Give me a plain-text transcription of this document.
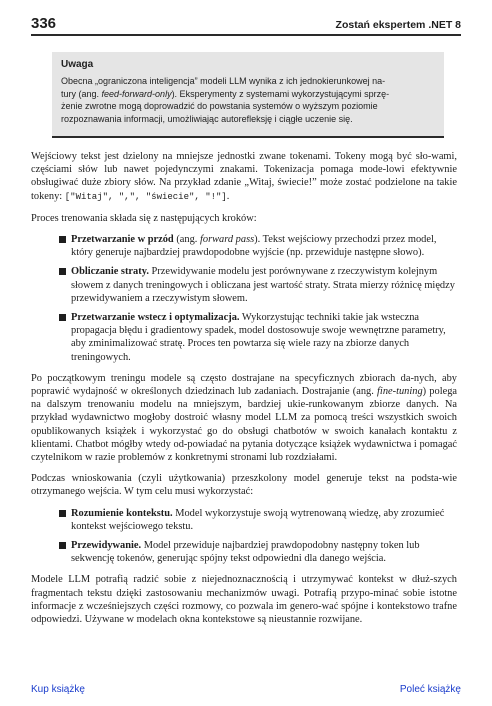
336	Zostań ekspertem .NET 8
Uwaga
Obecna „ograniczona inteligencja” modeli LLM wynika z ich jednokierunkowej na-
tury (ang. feed-forward-only). Eksperymenty z systemami wykorzystującymi sprzę-
żenie zwrotne mogą doprowadzić do powstania systemów o wyższym poziomie
rozpoznawania informacji, umożliwiając autorefleksję i ciągłe uczenie się.

Wejściowy tekst jest dzielony na mniejsze jednostki zwane tokenami. Tokeny mogą być sło-wami, częściami słów lub nawet pojedynczymi znakami. Tokenizacja pomaga mode-lowi efektywnie obsługiwać duże zbiory słów. Na przykład zdanie „Witaj, świecie!” może zostać podzielone na takie tokeny: ["Witaj", ",", "świecie", "!"].

Proces trenowania składa się z następujących kroków:

Przetwarzanie w przód (ang. forward pass). Tekst wejściowy przechodzi przez model, który generuje najbardziej prawdopodobne wyjście (np. przewiduje następne słowo).
Obliczanie straty. Przewidywanie modelu jest porównywane z rzeczywistym kolejnym słowem z danych treningowych i obliczana jest wartość straty. Strata mierzy różnicę między przewidywaniem a rzeczywistym słowem.
Przetwarzanie wstecz i optymalizacja. Wykorzystując techniki takie jak wsteczna propagacja błędu i gradientowy spadek, model dostosowuje swoje wewnętrzne parametry, aby zminimalizować stratę. Proces ten powtarza się wiele razy na zbiorze danych treningowych.

Po początkowym treningu modele są często dostrajane na specyficznych zbiorach da-nych, aby poprawić wydajność w określonych dziedzinach lub zadaniach. Dostrajanie (ang. fine-tuning) polega na dalszym trenowaniu modelu na mniejszym, bardziej ukie-runkowanym zbiorze danych. Na przykład wydawnictwo mogłoby dostroić własny model LLM za pomocą treści wszystkich swoich opublikowanych książek i wykorzystać go do obsługi chatbotów w swoich kanałach kontaktu z klientami. Chatbot mógłby wtedy od-powiadać na pytania dotyczące książek wydawnictwa i pomagać czytelnikom w razie problemów z konkretnymi stronami lub rozdziałami.

Podczas wnioskowania (czyli użytkowania) przeszkolony model generuje tekst na podsta-wie otrzymanego wejścia. W tym celu musi wykorzystać:

Rozumienie kontekstu. Model wykorzystuje swoją wytrenowaną wiedzę, aby zrozumieć kontekst wejściowego tekstu.
Przewidywanie. Model przewiduje najbardziej prawdopodobny następny token lub sekwencję tokenów, generując spójny tekst odpowiedni dla danego wejścia.

Modele LLM potrafią radzić sobie z niejednoznacznością i utrzymywać kontekst w dłuż-szych fragmentach tekstu dzięki zastosowaniu mechanizmów uwagi. Potrafią przypo-minać sobie istotne informacje z wcześniejszych części rozmowy, co pozwala im genero-wać spójne i kontekstowo trafne odpowiedzi. Używane w modelach okna kontekstowe są nieustannie rozwijane.

Kup książkę	Poleć książkę
